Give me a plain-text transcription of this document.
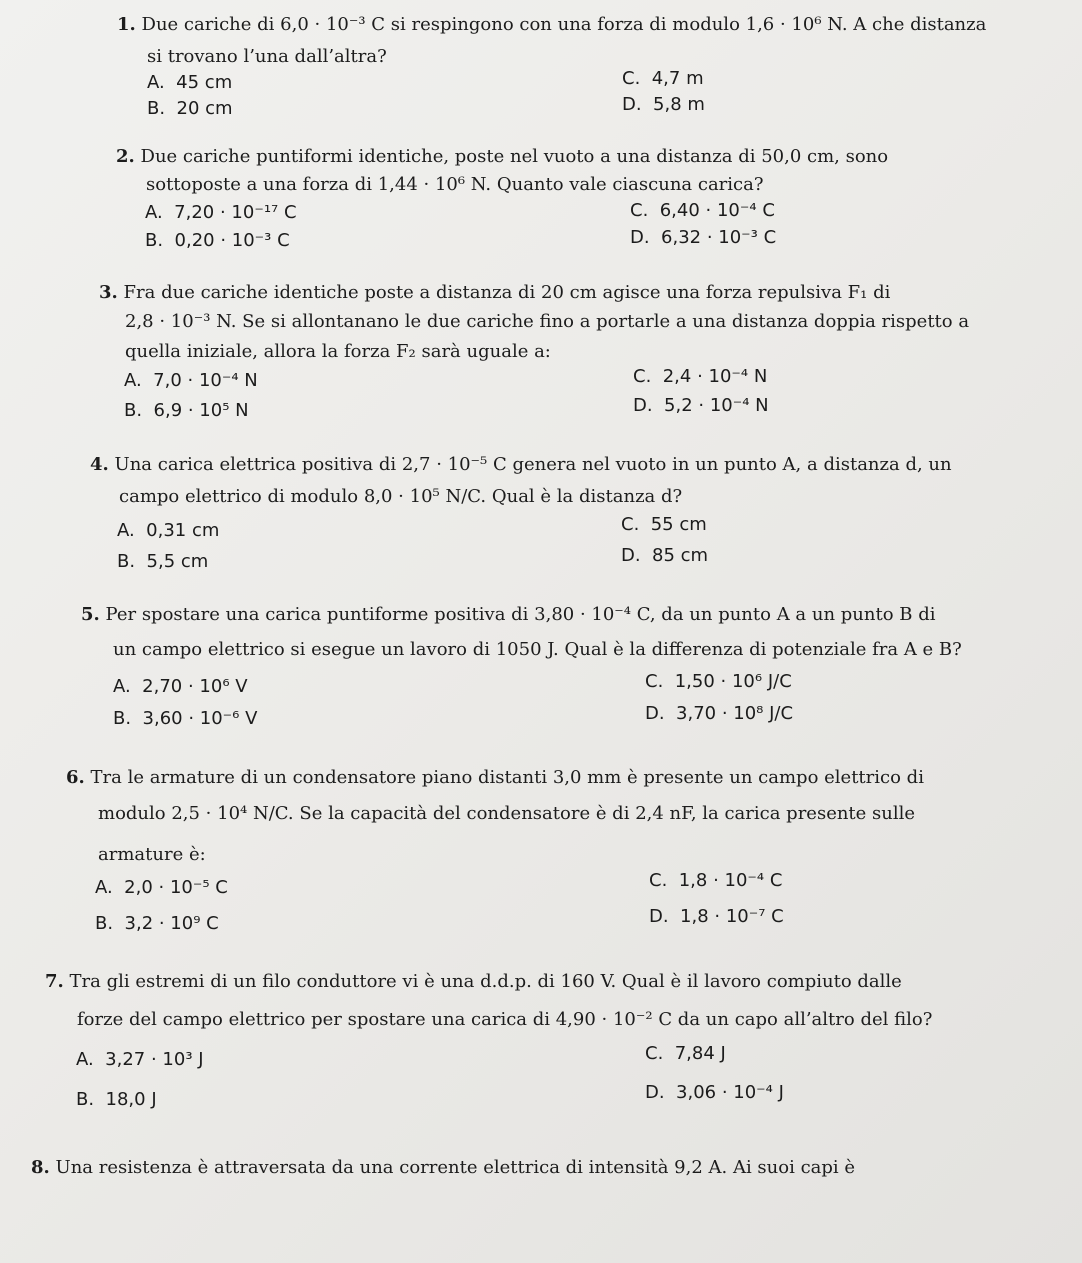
1. Due cariche di 6,0 · 10⁻³ C si respingono con una forza di modulo 1,6 · 10⁶ N. A che distanza
si trovano l’una dall’altra?
A.  45 cm
B.  20 cm
C.  4,7 m
D.  5,8 m
2. Due cariche puntiformi identiche, poste nel vuoto a una distanza di 50,0 cm, sono
sottoposte a una forza di 1,44 · 10⁶ N. Quanto vale ciascuna carica?
A.  7,20 · 10⁻¹⁷ C
B.  0,20 · 10⁻³ C
C.  6,40 · 10⁻⁴ C
D.  6,32 · 10⁻³ C
3. Fra due cariche identiche poste a distanza di 20 cm agisce una forza repulsiva F₁ di
2,8 · 10⁻³ N. Se si allontanano le due cariche fino a portarle a una distanza doppia rispetto a
quella iniziale, allora la forza F₂ sarà uguale a:
A.  7,0 · 10⁻⁴ N
B.  6,9 · 10⁵ N
C.  2,4 · 10⁻⁴ N
D.  5,2 · 10⁻⁴ N
4. Una carica elettrica positiva di 2,7 · 10⁻⁵ C genera nel vuoto in un punto A, a distanza d, un
campo elettrico di modulo 8,0 · 10⁵ N/C. Qual è la distanza d?
A.  0,31 cm
B.  5,5 cm
C.  55 cm
D.  85 cm
5. Per spostare una carica puntiforme positiva di 3,80 · 10⁻⁴ C, da un punto A a un punto B di
un campo elettrico si esegue un lavoro di 1050 J. Qual è la differenza di potenziale fra A e B?
A.  2,70 · 10⁶ V
B.  3,60 · 10⁻⁶ V
C.  1,50 · 10⁶ J/C
D.  3,70 · 10⁸ J/C
6. Tra le armature di un condensatore piano distanti 3,0 mm è presente un campo elettrico di
modulo 2,5 · 10⁴ N/C. Se la capacità del condensatore è di 2,4 nF, la carica presente sulle
armature è:
A.  2,0 · 10⁻⁵ C
B.  3,2 · 10⁹ C
C.  1,8 · 10⁻⁴ C
D.  1,8 · 10⁻⁷ C
7. Tra gli estremi di un filo conduttore vi è una d.d.p. di 160 V. Qual è il lavoro compiuto dalle
forze del campo elettrico per spostare una carica di 4,90 · 10⁻² C da un capo all’altro del filo?
A.  3,27 · 10³ J
B.  18,0 J
C.  7,84 J
D.  3,06 · 10⁻⁴ J
8. Una resistenza è attraversata da una corrente elettrica di intensità 9,2 A. Ai suoi capi è
